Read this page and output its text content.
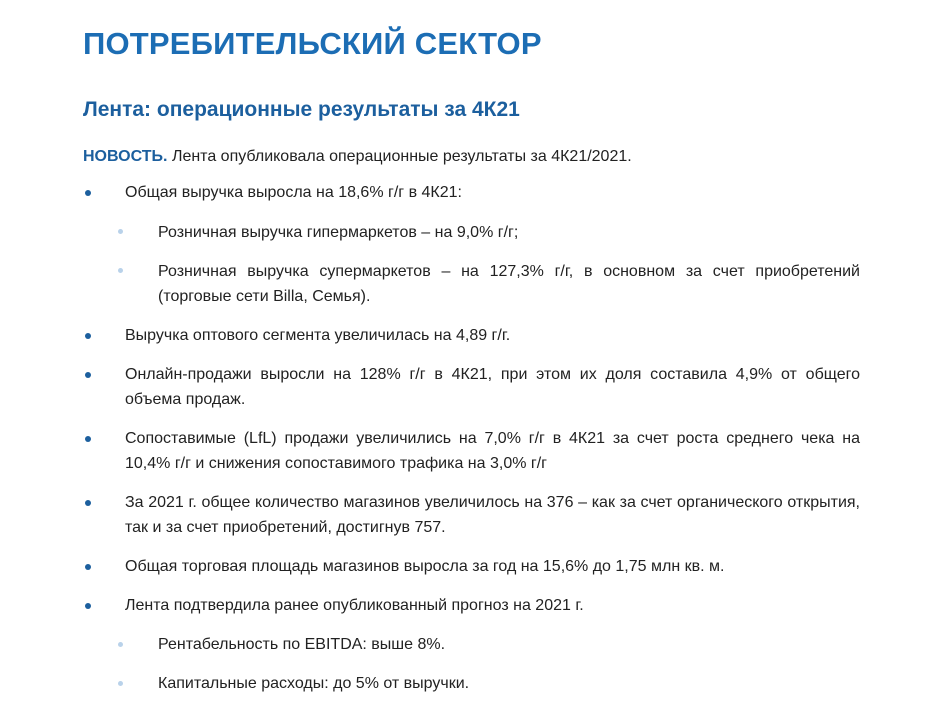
ПОТРЕБИТЕЛЬСКИЙ СЕКТОР
Лента: операционные результаты за 4К21
НОВОСТЬ. Лента опубликовала операционные результаты за 4К21/2021.
Общая выручка выросла на 18,6% г/г в 4К21:
Розничная выручка гипермаркетов – на 9,0% г/г;
Розничная выручка супермаркетов – на 127,3% г/г, в основном за счет приобретений (торговые сети Billa, Семья).
Выручка оптового сегмента увеличилась на 4,89 г/г.
Онлайн-продажи выросли на 128% г/г в 4К21, при этом их доля составила 4,9% от общего объема продаж.
Сопоставимые (LfL) продажи увеличились на 7,0% г/г в 4К21 за счет роста среднего чека на 10,4% г/г и снижения сопоставимого трафика на 3,0% г/г
За 2021 г. общее количество магазинов увеличилось на 376 – как за счет органического открытия, так и за счет приобретений, достигнув 757.
Общая торговая площадь магазинов выросла за год на 15,6% до 1,75 млн кв. м.
Лента подтвердила ранее опубликованный прогноз на 2021 г.
Рентабельность по EBITDA: выше 8%.
Капитальные расходы: до 5% от выручки.
